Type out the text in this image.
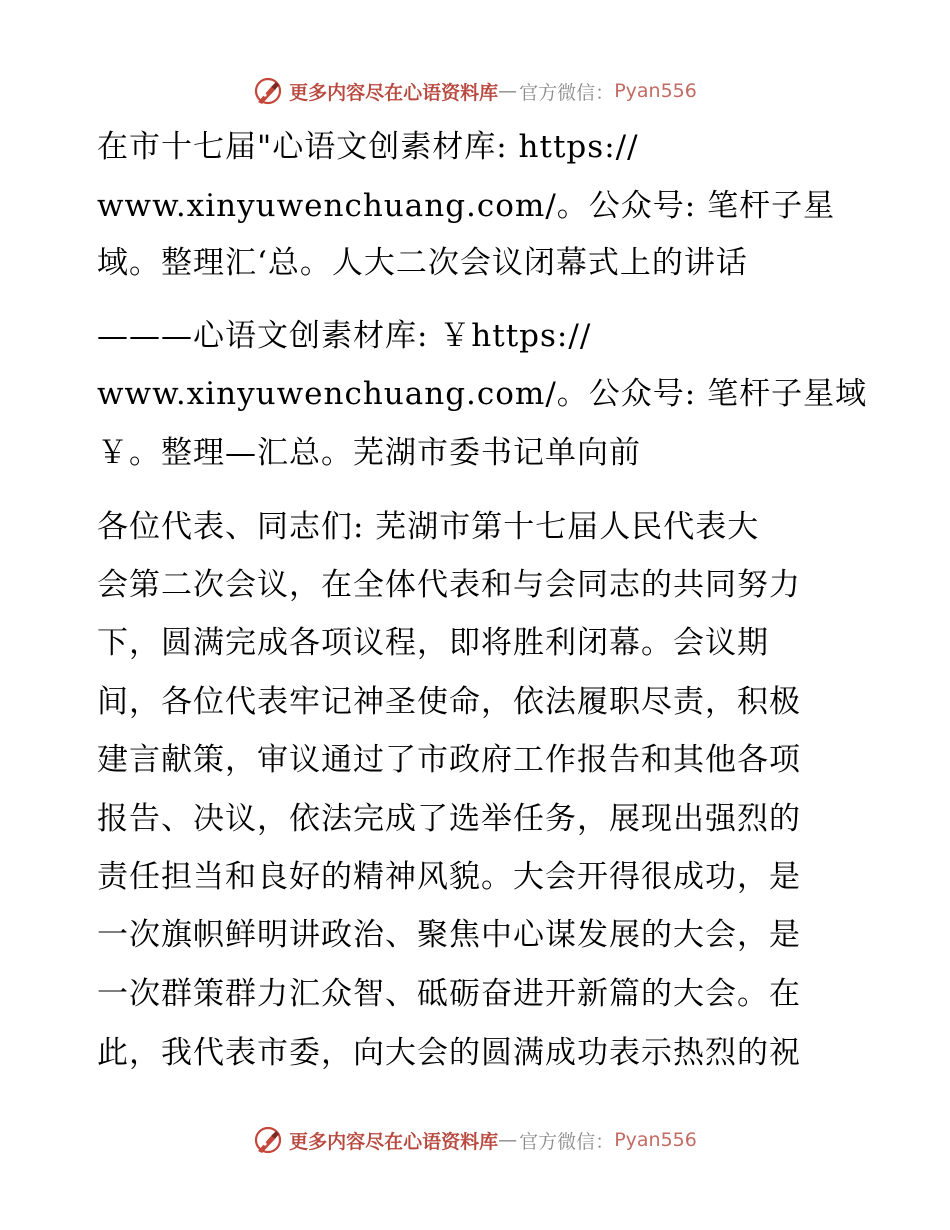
更多内容尽在心语资料库 — 官方微信： Pyan556
在市十七届"心语文创素材库: https://
www.xinyuwenchuang.com/。公众号: 笔杆子星
域。整理汇‘总。人大二次会议闭幕式上的讲话
———心语文创素材库: ￥https://
www.xinyuwenchuang.com/。公众号: 笔杆子星域
￥。整理—汇总。芜湖市委书记单向前
各位代表、同志们: 芜湖市第十七届人民代表大
会第二次会议，在全体代表和与会同志的共同努力
下，圆满完成各项议程，即将胜利闭幕。会议期
间，各位代表牢记神圣使命，依法履职尽责，积极
建言献策，审议通过了市政府工作报告和其他各项
报告、决议，依法完成了选举任务，展现出强烈的
责任担当和良好的精神风貌。大会开得很成功，是
一次旗帜鲜明讲政治、聚焦中心谋发展的大会，是
一次群策群力汇众智、砥砺奋进开新篇的大会。在
此，我代表市委，向大会的圆满成功表示热烈的祝
更多内容尽在心语资料库 — 官方微信： Pyan556
